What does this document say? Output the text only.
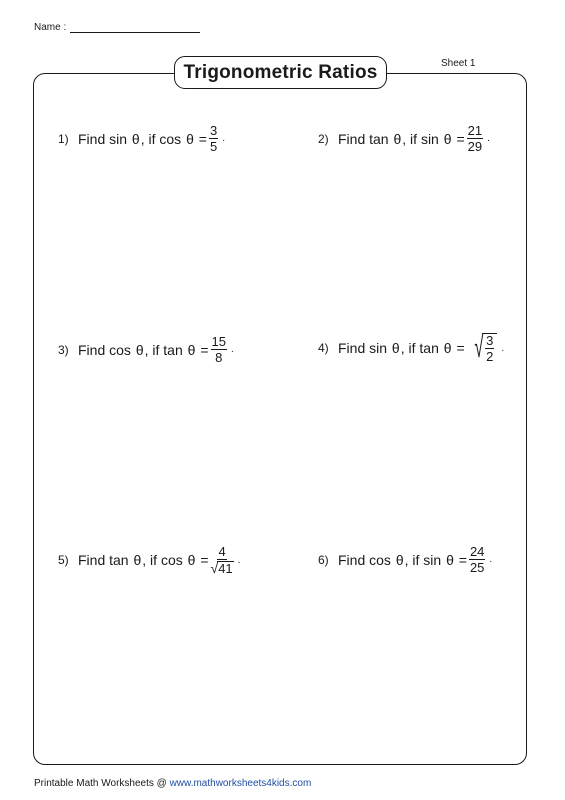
Name :
Trigonometric Ratios	Sheet 1
1) Find sin
θ , if cos
θ
= $\frac{3}{5}$ .	2) Find tan
θ , if sin
θ
= $\frac{21}{29}$ .
3) Find cos
θ , if tan
θ
= $\frac{15}{8}$ .	4) Find sin
θ , if tan
θ
= √ $\frac{3}{2}$ .
5) Find tan
θ , if cos
θ
= $\frac{4}{√ 41}$ .	6) Find cos
θ , if sin
θ
= $\frac{24}{25}$ .
Printable Math Worksheets @ www.mathworksheets4kids.com
